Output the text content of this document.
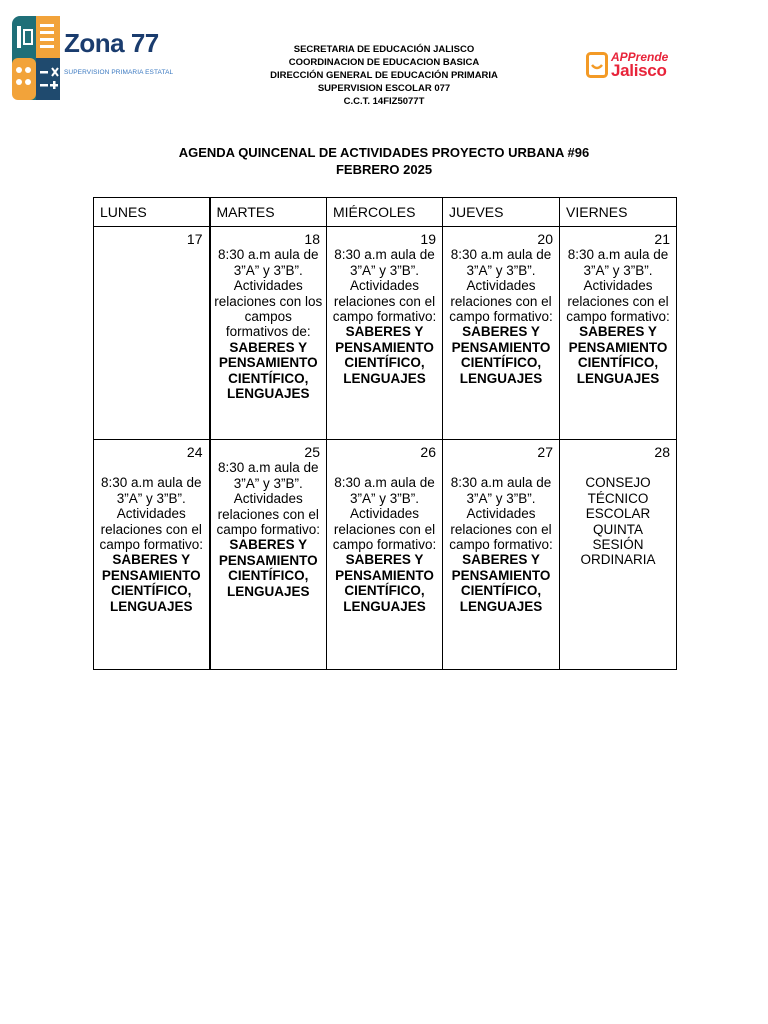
Zona 77
SUPERVISION PRIMARIA ESTATAL
SECRETARIA DE EDUCACIÓN JALISCO
COORDINACION DE EDUCACION BASICA
DIRECCIÓN GENERAL DE EDUCACIÓN PRIMARIA
SUPERVISION ESCOLAR 077
C.C.T. 14FIZ5077T
APPrende
Jalisco
AGENDA QUINCENAL DE ACTIVIDADES PROYECTO URBANA #96
FEBRERO 2025
LUNES	MARTES	MIÉRCOLES	JUEVES	VIERNES

17	18
8:30 a.m aula de 3”A” y 3”B”.
Actividades relaciones con los campos formativos de:
SABERES Y PENSAMIENTO CIENTÍFICO,
LENGUAJES	19
8:30 a.m aula de 3”A” y 3”B”.
Actividades relaciones con el campo formativo:
SABERES Y PENSAMIENTO CIENTÍFICO,
LENGUAJES	20
8:30 a.m aula de 3”A” y 3”B”.
Actividades relaciones con el campo formativo:
SABERES Y PENSAMIENTO CIENTÍFICO,
LENGUAJES	21
8:30 a.m aula de 3”A” y 3”B”.
Actividades relaciones con el campo formativo:
SABERES Y PENSAMIENTO CIENTÍFICO,
LENGUAJES

24
8:30 a.m aula de 3”A” y 3”B”.
Actividades relaciones con el campo formativo:
SABERES Y PENSAMIENTO CIENTÍFICO,
LENGUAJES	25
8:30 a.m aula de 3”A” y 3”B”.
Actividades relaciones con el campo formativo:
SABERES Y PENSAMIENTO CIENTÍFICO,
LENGUAJES	26
8:30 a.m aula de 3”A” y 3”B”.
Actividades relaciones con el campo formativo:
SABERES Y PENSAMIENTO CIENTÍFICO,
LENGUAJES	27
8:30 a.m aula de 3”A” y 3”B”.
Actividades relaciones con el campo formativo:
SABERES Y PENSAMIENTO CIENTÍFICO,
LENGUAJES	28
CONSEJO TÉCNICO ESCOLAR QUINTA SESIÓN ORDINARIA
